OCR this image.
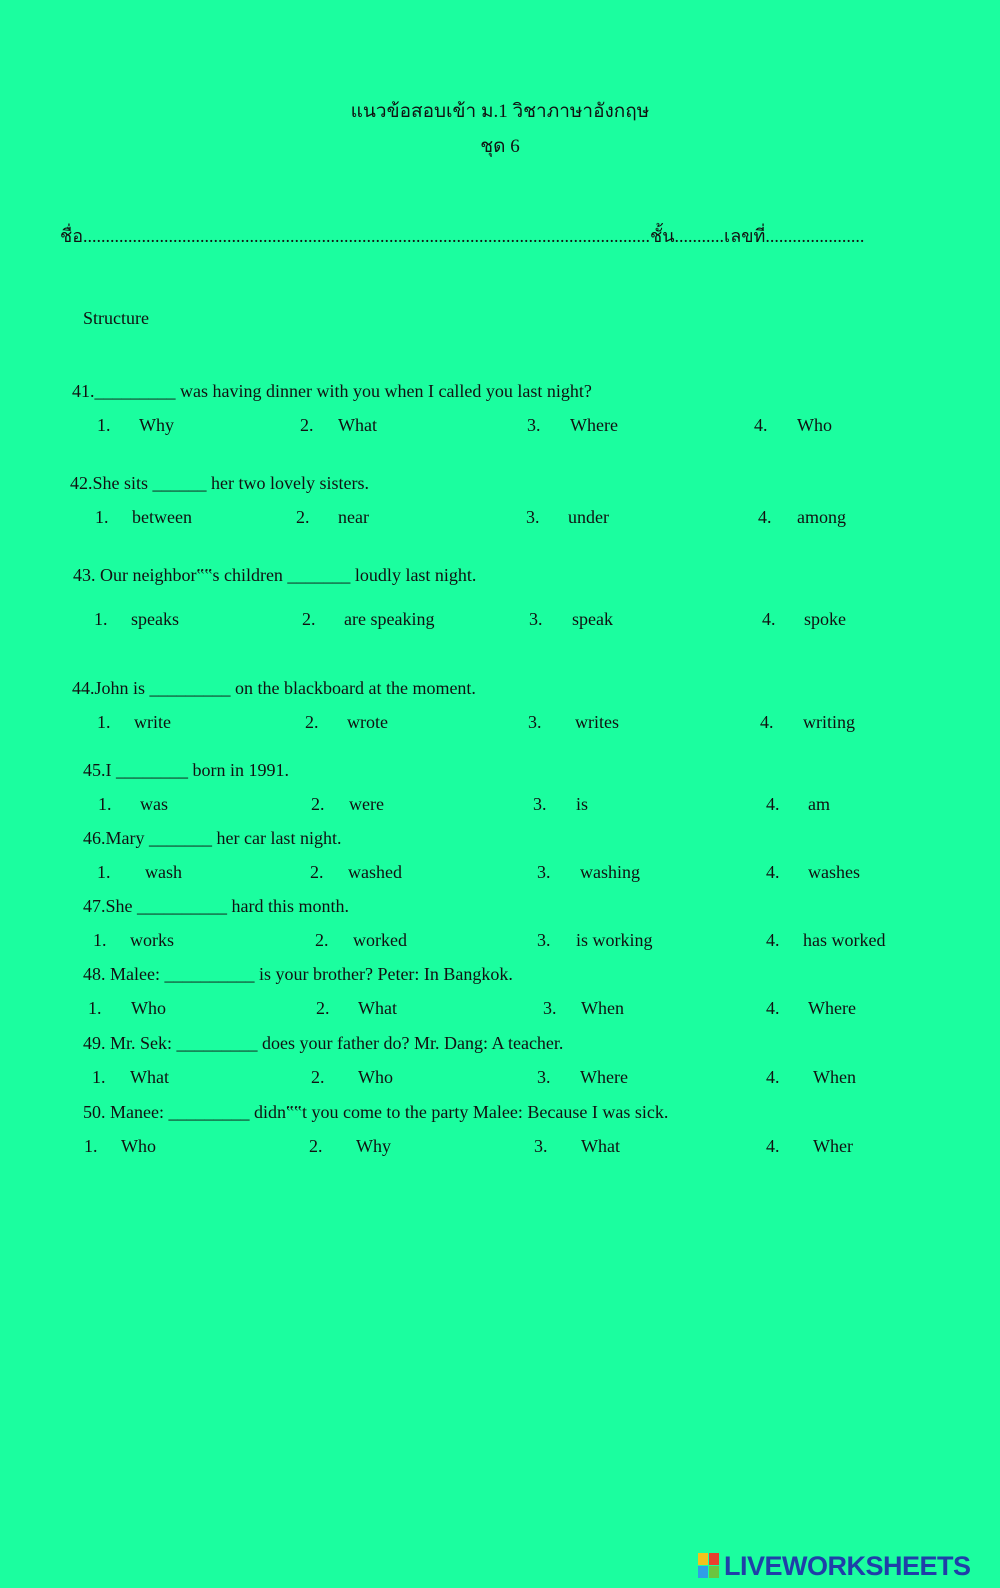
แนวข้อสอบเข้า ม.1 วิชาภาษาอังกฤษ
ชุด 6
ชื่อ..............................................................................................................................ชั้น...........เลขที่......................
Structure
41._________ was having dinner with you when I called you last night?
1. Why	2. What	3. Where	4. Who
42.She sits ______ her two lovely sisters.
1. between	2. near	3. under	4. among
43. Our neighbor‟‟s children _______ loudly last night.
1. speaks	2. are speaking	3. speak	4. spoke
44.John is _________ on the blackboard at the moment.
1. write	2. wrote	3. writes	4. writing
45.I ________ born in 1991.
1. was	2. were	3. is	4. am
46.Mary _______ her car last night.
1. wash	2. washed	3. washing	4. washes
47.She __________ hard this month.
1. works	2. worked	3. is working	4. has worked
48. Malee: __________ is your brother? Peter: In Bangkok.
1. Who	2. What	3. When	4. Where
49. Mr. Sek: _________ does your father do? Mr. Dang: A teacher.
1. What	2. Who	3. Where	4. When
50. Manee: _________ didn‟‟t you come to the party Malee: Because I was sick.
1. Who	2. Why	3. What	4. Wher
LIVEWORKSHEETS
